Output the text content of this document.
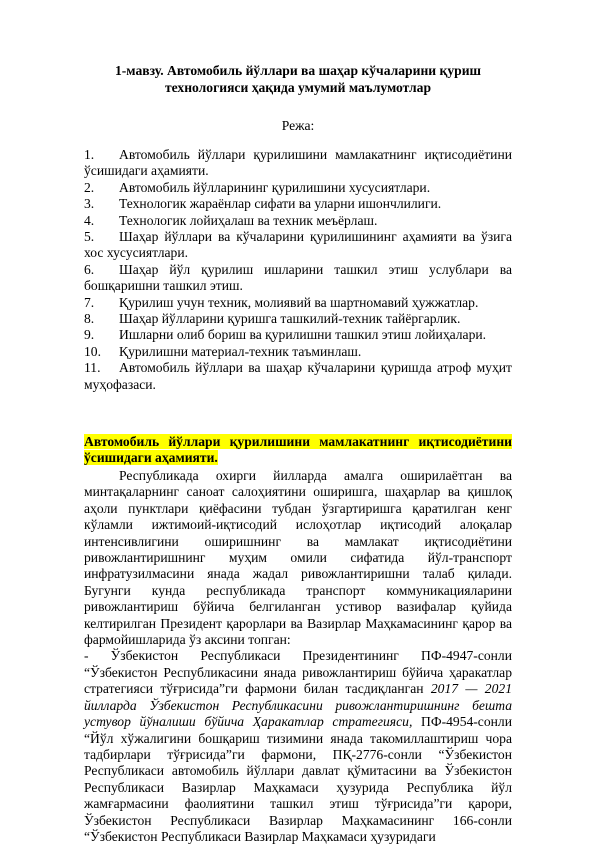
1-мавзу. Автомобиль йўллари ва шаҳар кўчаларини қуриш
технологияси ҳақида умумий маълумотлар
Режа:
1. Автомобиль йўллари қурилишини мамлакатнинг иқтисодиётини ўсишидаги аҳамияти.
2. Автомобиль йўлларининг қурилишини хусусиятлари.
3. Технологик жараёнлар сифати ва уларни ишончлилиги.
4. Технологик лойиҳалаш ва техник меъёрлаш.
5. Шаҳар йўллари ва кўчаларини қурилишининг аҳамияти ва ўзига хос хусусиятлари.
6. Шаҳар йўл қурилиш ишларини ташкил этиш услублари ва бошқаришни ташкил этиш.
7. Қурилиш учун техник, молиявий ва шартномавий ҳужжатлар.
8. Шаҳар йўлларини қуришга ташкилий-техник тайёргарлик.
9. Ишларни олиб бориш ва қурилишни ташкил этиш лойиҳалари.
10. Қурилишни материал-техник таъминлаш.
11. Автомобиль йўллари ва шаҳар кўчаларини қуришда атроф муҳит муҳофазаси.
Автомобиль йўллари қурилишини мамлакатнинг иқтисодиётини ўсишидаги аҳамияти.

Республикада охирги йилларда амалга оширилаётган ва минтақаларнинг саноат салоҳиятини оширишга, шаҳарлар ва қишлоқ аҳоли пунктлари қиёфасини тубдан ўзгартиришга қаратилган кенг кўламли ижтимоий-иқтисодий ислоҳотлар иқтисодий алоқалар интенсивлигини оширишнинг ва мамлакат иқтисодиётини ривожлантиришнинг муҳим омили сифатида йўл-транспорт инфратузилмасини янада жадал ривожлантиришни талаб қилади. Бугунги кунда республикада транспорт коммуникацияларини ривожлантириш бўйича белгиланган устивор вазифалар қуйида келтирилган Президент қарорлари ва Вазирлар Маҳкамасининг қарор ва фармойишларида ўз аксини топган:

- Ўзбекистон Республикаси Президентининг ПФ-4947-сонли “Ўзбекистон Республикасини янада ривожлантириш бўйича ҳаракатлар стратегияси тўғрисида”ги фармони билан тасдиқланган 2017 — 2021 йилларда Ўзбекистон Республикасини ривожлантиришнинг бешта устувор йўналиши бўйича Ҳаракатлар стратегияси, ПФ-4954-сонли “Йўл хўжалигини бошқариш тизимини янада такомиллаштириш чора тадбирлари тўғрисида”ги фармони, ПҚ-2776-сонли “Ўзбекистон Республикаси автомобиль йўллари давлат қўмитасини ва Ўзбекистон Республикаси Вазирлар Маҳкамаси ҳузурида Республика йўл жамғармасини фаолиятини ташкил этиш тўғрисида”ги қарори, Ўзбекистон Республикаси Вазирлар Маҳкамасининг 166-сонли “Ўзбекистон Республикаси Вазирлар Маҳкамаси ҳузуридаги
